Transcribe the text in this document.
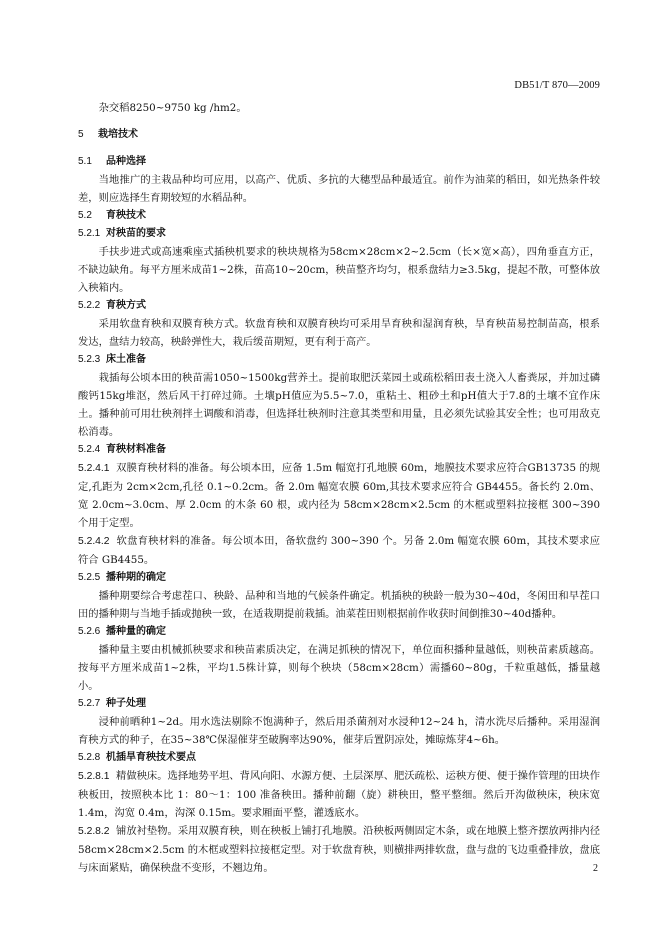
DB51/T 870—2009

杂交稻8250~9750 kg /hm2。

5 栽培技术

5.1 品种选择

当地推广的主栽品种均可应用，以高产、优质、多抗的大穗型品种最适宜。前作为油菜的稻田，如光热条件较差，则应选择生育期较短的水稻品种。

5.2 育秧技术

5.2.1 对秧苗的要求

手扶步进式或高速乘座式插秧机要求的秧块规格为58cm×28cm×2~2.5cm（长×宽×高），四角垂直方正，不缺边缺角。每平方厘米成苗1~2株，苗高10~20cm，秧苗整齐均匀，根系盘结力≥3.5kg，提起不散，可整体放入秧箱内。

5.2.2 育秧方式

采用软盘育秧和双膜育秧方式。软盘育秧和双膜育秧均可采用旱育秧和湿润育秧，旱育秧苗易控制苗高，根系发达，盘结力较高，秧龄弹性大，栽后缓苗期短，更有利于高产。

5.2.3 床土准备

栽插每公顷本田的秧苗需1050~1500kg营养土。提前取肥沃菜园土或疏松稻田表土浇入人畜粪尿，并加过磷酸钙15kg堆沤，然后风干打碎过筛。土壤pH值应为5.5~7.0，重粘土、粗砂土和pH值大于7.8的土壤不宜作床土。播种前可用壮秧剂拌土调酸和消毒，但选择壮秧剂时注意其类型和用量，且必须先试验其安全性；也可用敌克松消毒。

5.2.4 育秧材料准备

5.2.4.1 双膜育秧材料的准备。每公顷本田，应备 1.5m 幅宽打孔地膜 60m，地膜技术要求应符合GB13735 的规定,孔距为 2cm×2cm,孔径 0.1~0.2cm。备 2.0m 幅宽农膜 60m,其技术要求应符合 GB4455。备长约 2.0m、宽 2.0cm~3.0cm、厚 2.0cm 的木条 60 根，或内径为 58cm×28cm×2.5cm 的木框或塑料拉接框 300~390 个用于定型。

5.2.4.2 软盘育秧材料的准备。每公顷本田，备软盘约 300~390 个。另备 2.0m 幅宽农膜 60m，其技术要求应符合 GB4455。

5.2.5 播种期的确定

播种期要综合考虑茬口、秧龄、品种和当地的气候条件确定。机插秧的秧龄一般为30~40d，冬闲田和早茬口田的播种期与当地手插或抛秧一致，在适栽期提前栽插。油菜茬田则根据前作收获时间倒推30~40d播种。

5.2.6 播种量的确定

播种量主要由机械抓秧要求和秧苗素质决定，在满足抓秧的情况下，单位面积播种量越低，则秧苗素质越高。按每平方厘米成苗1~2株，平均1.5株计算，则每个秧块（58cm×28cm）需播60~80g，千粒重越低，播量越小。

5.2.7 种子处理

浸种前晒种1~2d。用水选法剔除不饱满种子，然后用杀菌剂对水浸种12~24 h，清水洗尽后播种。采用湿润育秧方式的种子，在35~38℃保湿催芽至破胸率达90%，催芽后置阴凉处，摊晾炼芽4~6h。

5.2.8 机插旱育秧技术要点

5.2.8.1 精做秧床。选择地势平坦、背风向阳、水源方便、土层深厚、肥沃疏松、运秧方便、便于操作管理的田块作秧板田，按照秧本比 1：80～1：100 准备秧田。播种前翻（旋）耕秧田，整平整细。然后开沟做秧床，秧床宽 1.4m，沟宽 0.4m，沟深 0.15m。要求厢面平整，灌透底水。

5.2.8.2 铺放衬垫物。采用双膜育秧，则在秧板上铺打孔地膜。沿秧板两侧固定木条，或在地膜上整齐摆放两排内径 58cm×28cm×2.5cm 的木框或塑料拉接框定型。对于软盘育秧，则横排两排软盘，盘与盘的飞边重叠排放，盘底与床面紧贴，确保秧盘不变形，不翘边角。	2
